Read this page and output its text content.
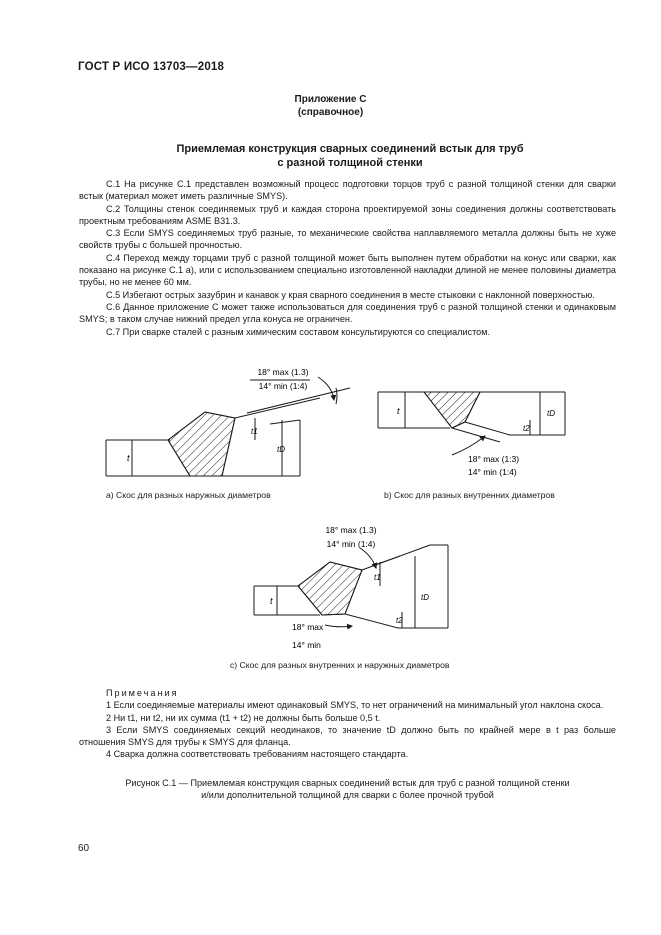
ГОСТ Р ИСО 13703—2018
Приложение С
(справочное)
Приемлемая конструкция сварных соединений встык для труб
с разной толщиной стенки

С.1 На рисунке С.1 представлен возможный процесс подготовки торцов труб с разной толщиной стенки для сварки встык (материал может иметь различные SMYS).

С.2 Толщины стенок соединяемых труб и каждая сторона проектируемой зоны соединения должны соответствовать проектным требованиям ASME B31.3.

С.3 Если SMYS соединяемых труб разные, то механические свойства наплавляемого металла должны быть не хуже свойств трубы с большей прочностью.

С.4 Переход между торцами труб с разной толщиной может быть выполнен путем обработки на конус или сварки, как показано на рисунке С.1 а), или с использованием специально изготовленной накладки длиной не менее половины диаметра трубы, но не менее 60 мм.

С.5 Избегают острых зазубрин и канавок у края сварного соединения в месте стыковки с наклонной поверхностью.

С.6 Данное приложение С может также использоваться для соединения труб с разной толщиной стенки и одинаковым SMYS; в таком случае нижний предел угла конуса не ограничен.

С.7 При сварке сталей с разным химическим составом консультируются со специалистом.

18° max (1.3)
14° min (1:4)
t
t1
tD
18° max (1:3)
14° min (1:4)
t
t2
tD
18° max (1.3)
14° min (1:4)
18° max
14° min
t
t1
t2
tD
а) Скос для разных наружных диаметров	b) Скос для разных внутренних диаметров
с) Скос для разных внутренних и наружных диаметров

Примечания

1 Если соединяемые материалы имеют одинаковый SMYS, то нет ограничений на минимальный угол наклона скоса.

2 Ни t1, ни t2, ни их сумма (t1 + t2) не должны быть больше 0,5 t.

3 Если SMYS соединяемых секций неодинаков, то значение tD должно быть по крайней мере в t раз больше отношения SMYS для трубы к SMYS для фланца.

4 Сварка должна соответствовать требованиям настоящего стандарта.

Рисунок С.1 — Приемлемая конструкция сварных соединений встык для труб с разной толщиной стенки
и/или дополнительной толщиной для сварки с более прочной трубой
60
